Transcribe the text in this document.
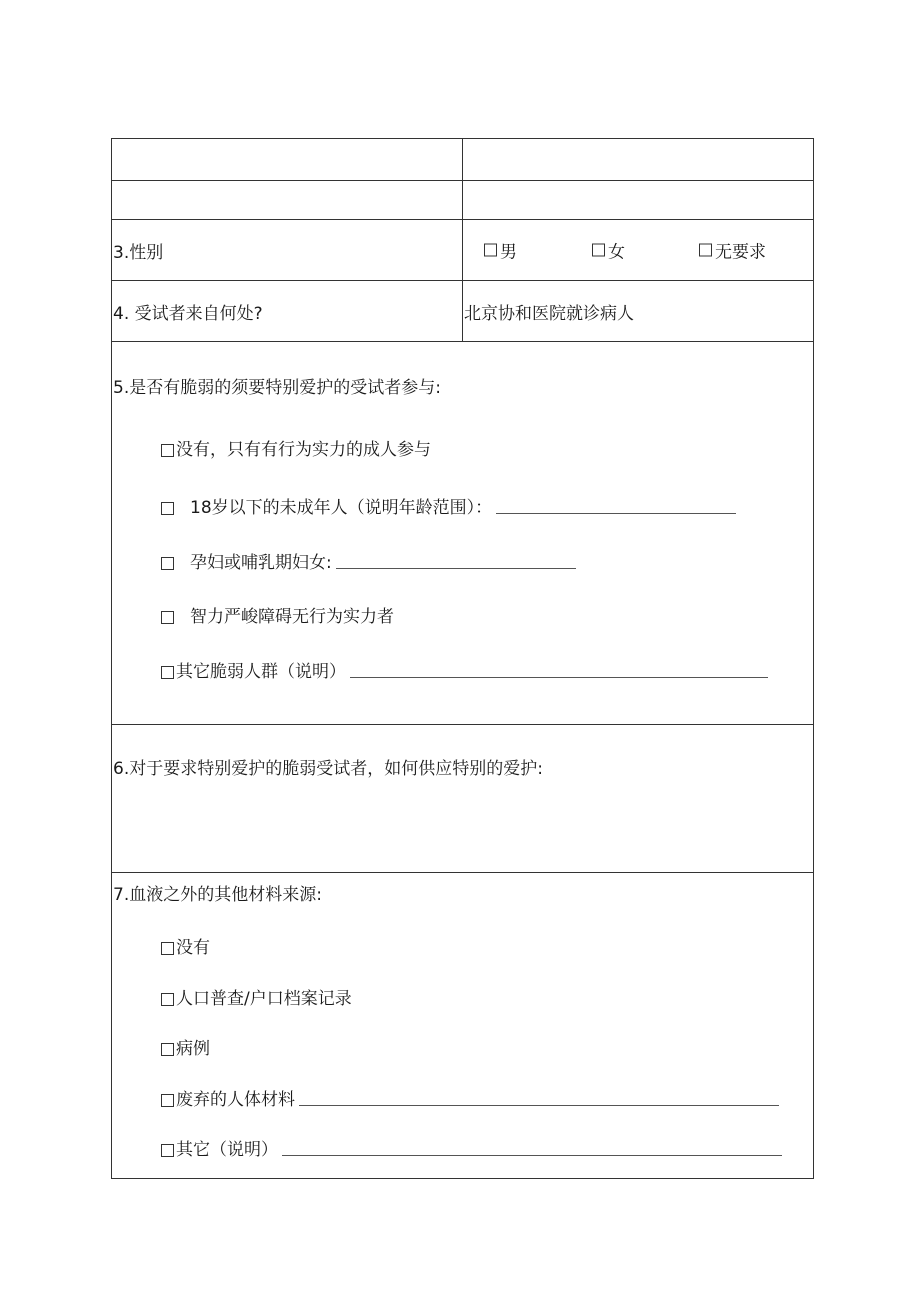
3.性别	男	女	无要求
4. 受试者来自何处?	北京协和医院就诊病人
5.是否有脆弱的须要特别爱护的受试者参与:
没有，只有有行为实力的成人参与
18岁以下的未成年人（说明年龄范围）：
孕妇或哺乳期妇女:
智力严峻障碍无行为实力者
其它脆弱人群（说明）
6.对于要求特别爱护的脆弱受试者，如何供应特别的爱护:
7.血液之外的其他材料来源:
没有
人口普查/户口档案记录
病例
废弃的人体材料
其它（说明）
